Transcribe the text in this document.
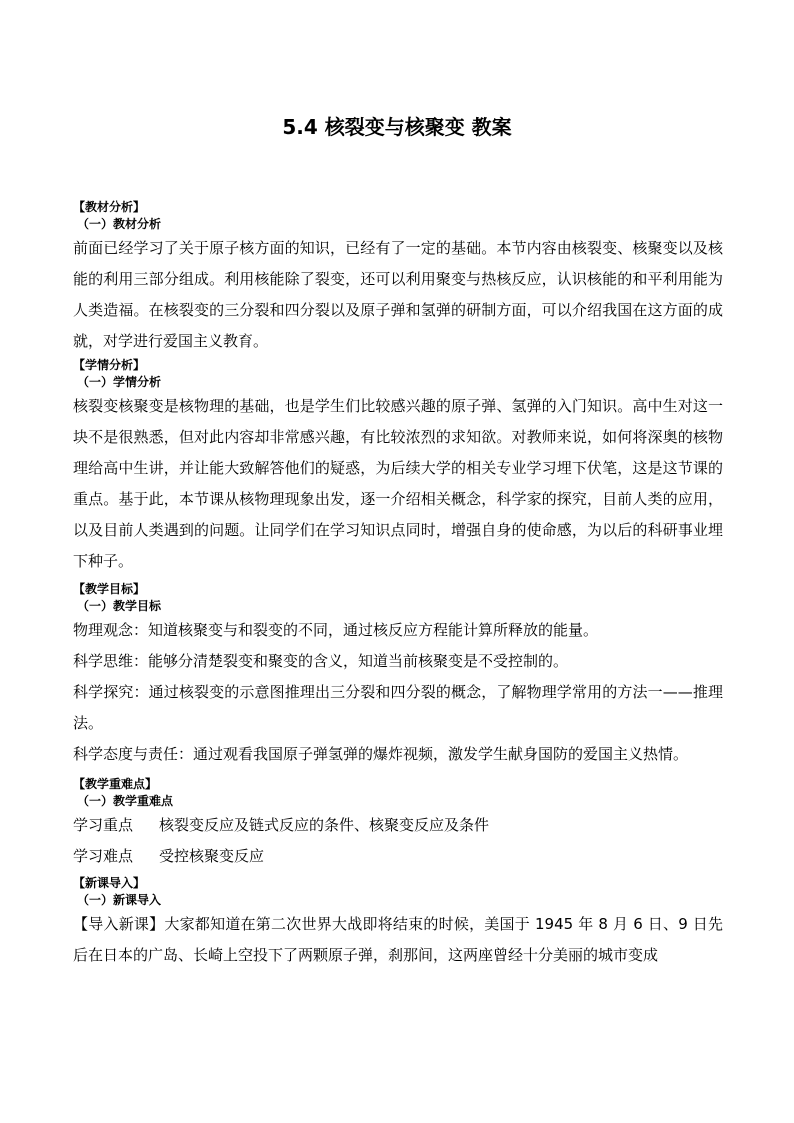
5.4 核裂变与核聚变 教案

【教材分析】

（一）教材分析

前面已经学习了关于原子核方面的知识，已经有了一定的基础。本节内容由核裂变、核聚变以及核能的利用三部分组成。利用核能除了裂变，还可以利用聚变与热核反应，认识核能的和平利用能为人类造福。在核裂变的三分裂和四分裂以及原子弹和氢弹的研制方面，可以介绍我国在这方面的成就，对学进行爱国主义教育。

【学情分析】

（一）学情分析

核裂变核聚变是核物理的基础，也是学生们比较感兴趣的原子弹、氢弹的入门知识。高中生对这一块不是很熟悉，但对此内容却非常感兴趣，有比较浓烈的求知欲。对教师来说，如何将深奥的核物理给高中生讲，并让能大致解答他们的疑惑，为后续大学的相关专业学习埋下伏笔，这是这节课的重点。基于此，本节课从核物理现象出发，逐一介绍相关概念，科学家的探究，目前人类的应用，以及目前人类遇到的问题。让同学们在学习知识点同时，增强自身的使命感，为以后的科研事业埋下种子。

【教学目标】

（一）教学目标

物理观念：知道核聚变与和裂变的不同，通过核反应方程能计算所释放的能量。

科学思维：能够分清楚裂变和聚变的含义，知道当前核聚变是不受控制的。

科学探究：通过核裂变的示意图推理出三分裂和四分裂的概念，了解物理学常用的方法一——推理法。

科学态度与责任：通过观看我国原子弹氢弹的爆炸视频，激发学生献身国防的爱国主义热情。

【教学重难点】

（一）教学重难点

学习重点 核裂变反应及链式反应的条件、核聚变反应及条件

学习难点 受控核聚变反应

【新课导入】

（一）新课导入

【导入新课】大家都知道在第二次世界大战即将结束的时候，美国于 1945 年 8 月 6 日、9 日先后在日本的广岛、长崎上空投下了两颗原子弹，刹那间，这两座曾经十分美丽的城市变成
